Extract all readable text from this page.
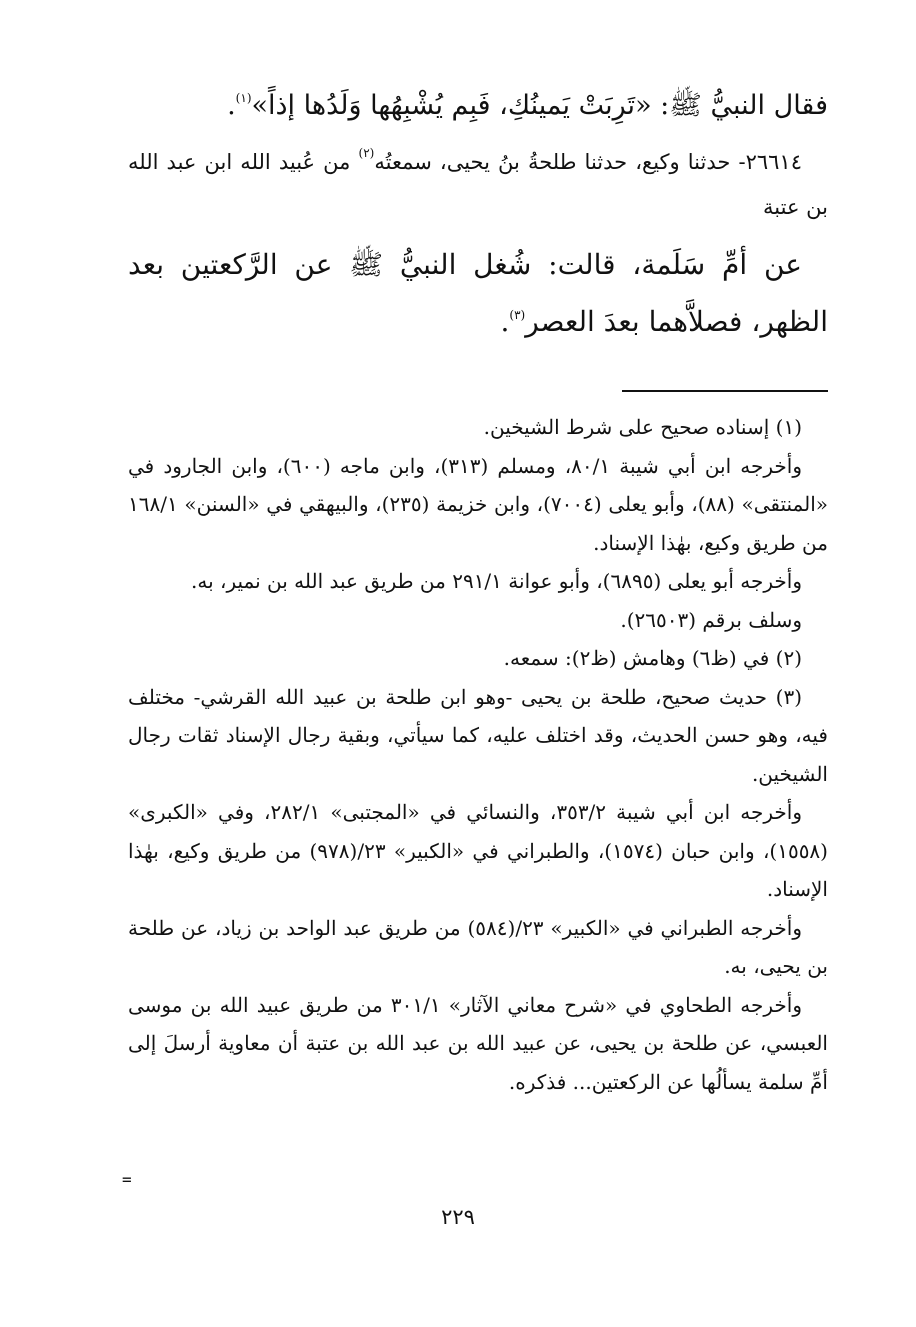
فقال النبيُّ ﷺ: «تَرِبَتْ يَمينُكِ، فَبِم يُشْبِهُها وَلَدُها إذاً»$^{(١)}$.

٢٦٦١٤- حدثنا وكيع، حدثنا طلحةُ بنُ يحيى، سمعتُه$^{(٢)}$ من عُبيد الله ابن عبد الله بن عتبة

عن أمِّ سَلَمة، قالت: شُغل النبيُّ ﷺ عن الرَّكعتين بعد الظهر، فصلاَّهما بعدَ العصر$^{(٣)}$.

(١) إسناده صحيح على شرط الشيخين.

وأخرجه ابن أبي شيبة ٨٠/١، ومسلم (٣١٣)، وابن ماجه (٦٠٠)، وابن الجارود في «المنتقى» (٨٨)، وأبو يعلى (٧٠٠٤)، وابن خزيمة (٢٣٥)، والبيهقي في «السنن» ١٦٨/١ من طريق وكيع، بهٰذا الإسناد.

وأخرجه أبو يعلى (٦٨٩٥)، وأبو عوانة ٢٩١/١ من طريق عبد الله بن نمير، به.

وسلف برقم (٢٦٥٠٣).

(٢) في (ظ٦) وهامش (ظ٢): سمعه.

(٣) حديث صحيح، طلحة بن يحيى -وهو ابن طلحة بن عبيد الله القرشي- مختلف فيه، وهو حسن الحديث، وقد اختلف عليه، كما سيأتي، وبقية رجال الإسناد ثقات رجال الشيخين.

وأخرجه ابن أبي شيبة ٣٥٣/٢، والنسائي في «المجتبى» ٢٨٢/١، وفي «الكبرى» (١٥٥٨)، وابن حبان (١٥٧٤)، والطبراني في «الكبير» ٢٣/(٩٧٨) من طريق وكيع، بهٰذا الإسناد.

وأخرجه الطبراني في «الكبير» ٢٣/(٥٨٤) من طريق عبد الواحد بن زياد، عن طلحة بن يحيى، به.

وأخرجه الطحاوي في «شرح معاني الآثار» ٣٠١/١ من طريق عبيد الله بن موسى العبسي، عن طلحة بن يحيى، عن عبيد الله بن عبد الله بن عتبة أن معاوية أرسلَ إلى أمِّ سلمة يسألُها عن الركعتين... فذكره.

=
٢٢٩
